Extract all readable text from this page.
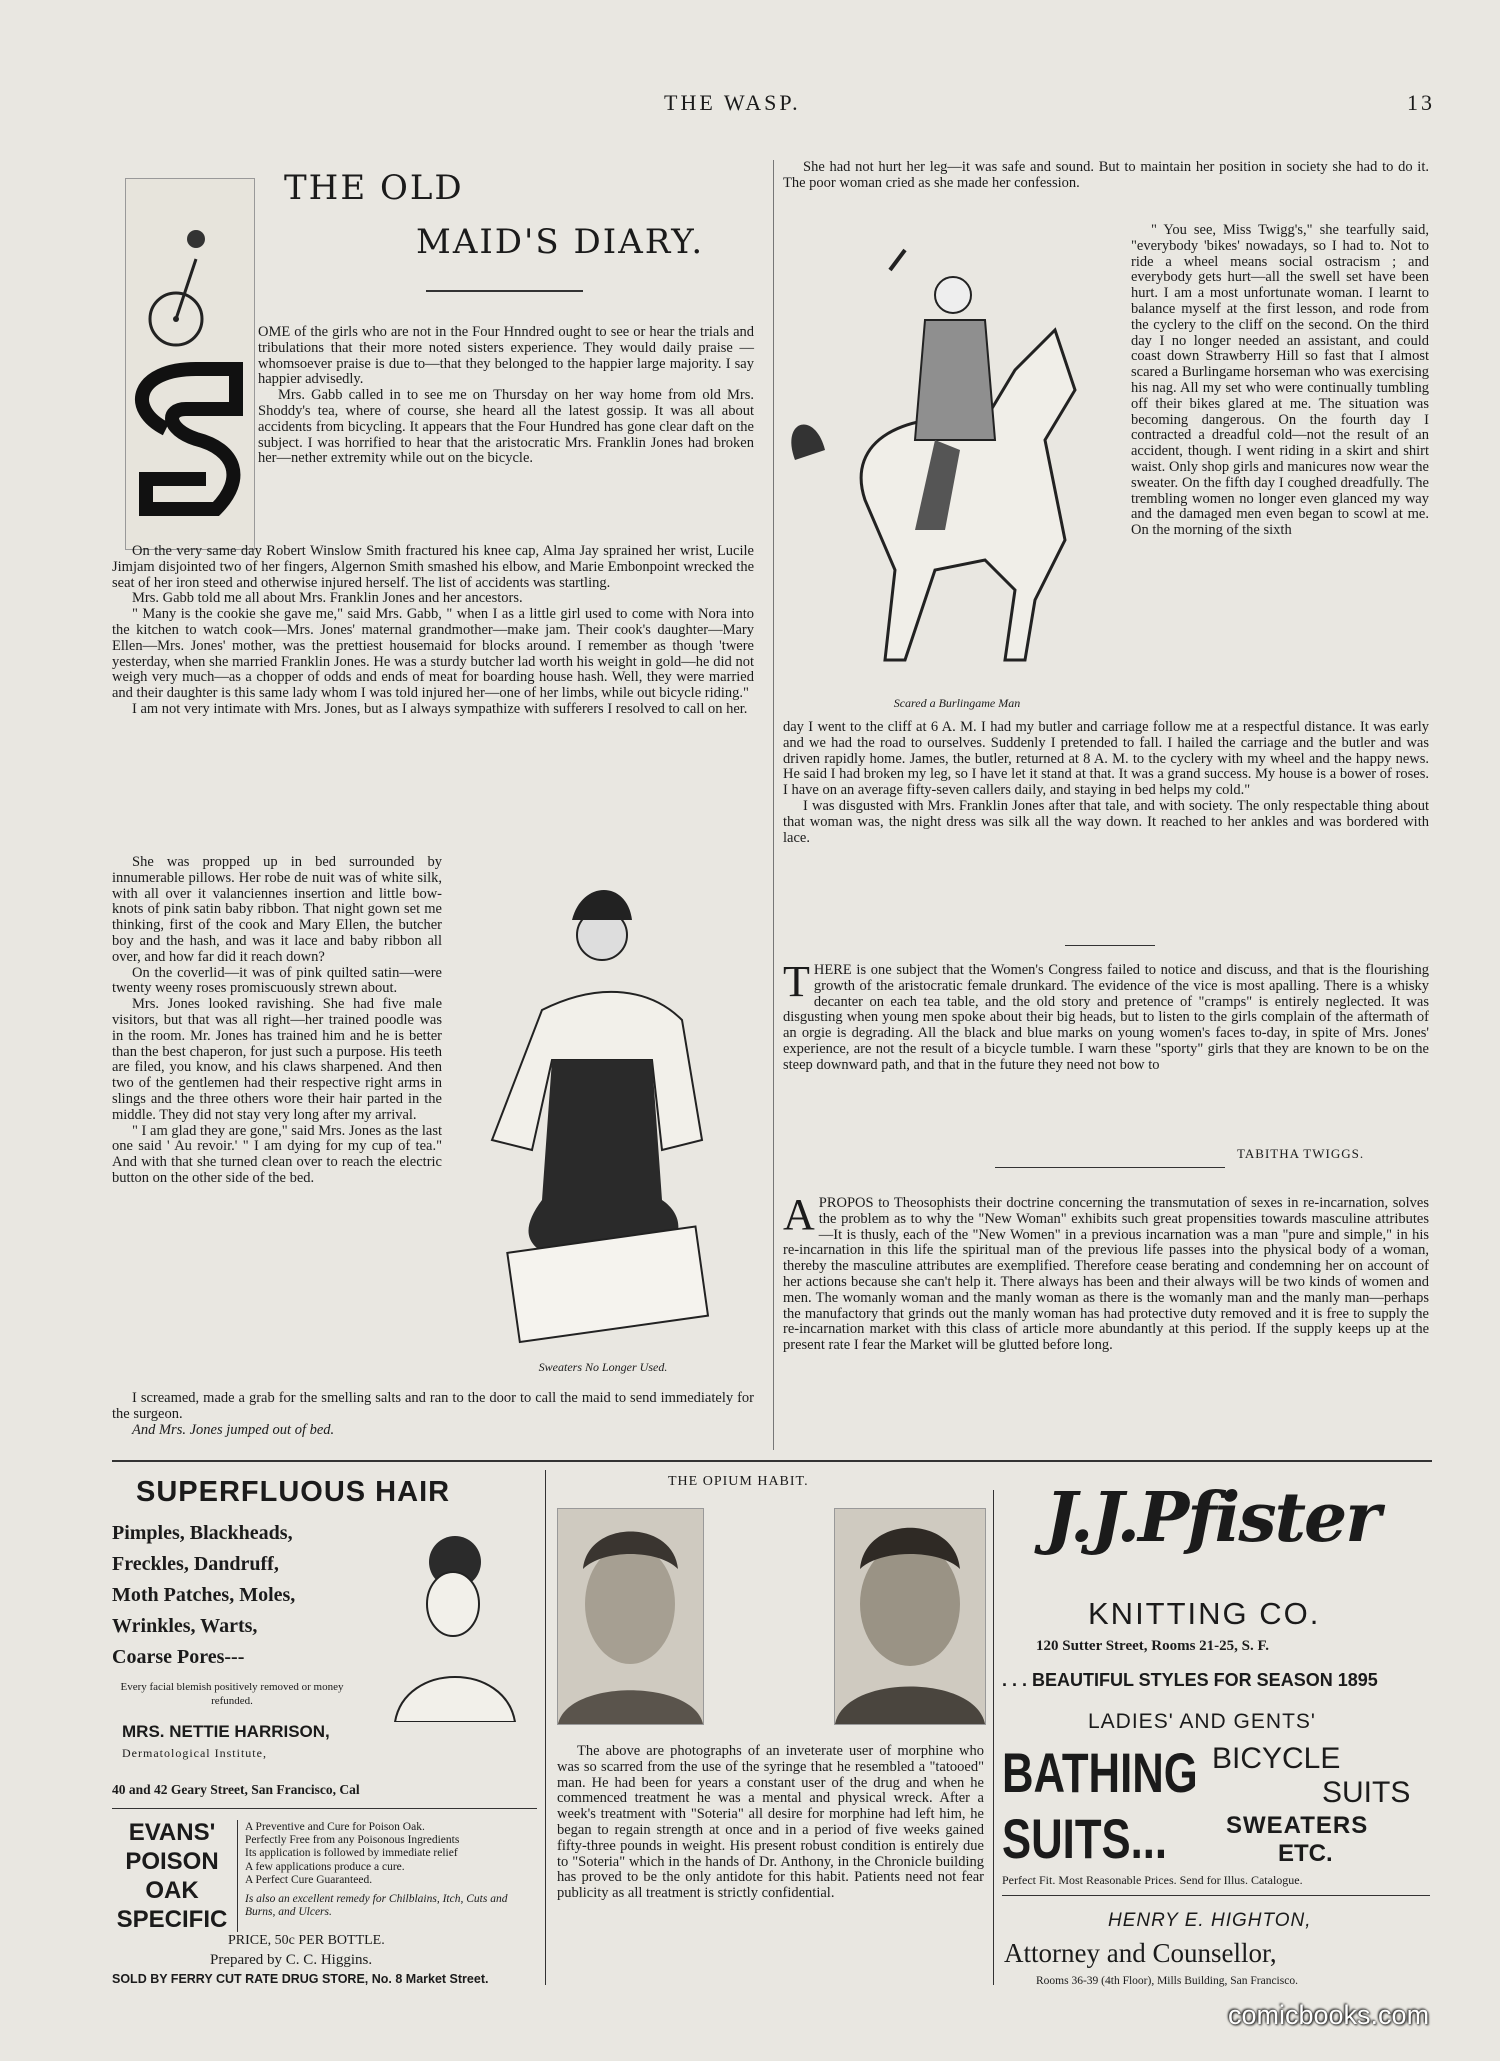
THE WASP.	13
THE OLD
MAID'S DIARY.

OME of the girls who are not in the Four Hnndred ought to see or hear the trials and tribulations that their more noted sisters experience. They would daily praise —whomsoever praise is due to—that they belonged to the happier large majority. I say happier advisedly.

Mrs. Gabb called in to see me on Thursday on her way home from old Mrs. Shoddy's tea, where of course, she heard all the latest gossip. It was all about accidents from bicycling. It appears that the Four Hundred has gone clear daft on the subject. I was horrified to hear that the aristocratic Mrs. Franklin Jones had broken her—nether extremity while out on the bicycle.

On the very same day Robert Winslow Smith fractured his knee cap, Alma Jay sprained her wrist, Lucile Jimjam disjointed two of her fingers, Algernon Smith smashed his elbow, and Marie Embonpoint wrecked the seat of her iron steed and otherwise injured herself. The list of accidents was startling.

Mrs. Gabb told me all about Mrs. Franklin Jones and her ancestors.

" Many is the cookie she gave me," said Mrs. Gabb, " when I as a little girl used to come with Nora into the kitchen to watch cook—Mrs. Jones' maternal grandmother—make jam. Their cook's daughter—Mary Ellen—Mrs. Jones' mother, was the prettiest housemaid for blocks around. I remember as though 'twere yesterday, when she married Franklin Jones. He was a sturdy butcher lad worth his weight in gold—he did not weigh very much—as a chopper of odds and ends of meat for boarding house hash. Well, they were married and their daughter is this same lady whom I was told injured her—one of her limbs, while out bicycle riding."

I am not very intimate with Mrs. Jones, but as I always sympathize with sufferers I resolved to call on her.

She was propped up in bed surrounded by innumerable pillows. Her robe de nuit was of white silk, with all over it valanciennes insertion and little bow-knots of pink satin baby ribbon. That night gown set me thinking, first of the cook and Mary Ellen, the butcher boy and the hash, and was it lace and baby ribbon all over, and how far did it reach down?

On the coverlid—it was of pink quilted satin—were twenty weeny roses promiscuously strewn about.

Mrs. Jones looked ravishing. She had five male visitors, but that was all right—her trained poodle was in the room. Mr. Jones has trained him and he is better than the best chaperon, for just such a purpose. His teeth are filed, you know, and his claws sharpened. And then two of the gentlemen had their respective right arms in slings and the three others wore their hair parted in the middle. They did not stay very long after my arrival.

" I am glad they are gone," said Mrs. Jones as the last one said ' Au revoir.' " I am dying for my cup of tea." And with that she turned clean over to reach the electric button on the other side of the bed.

Sweaters No Longer Used.

I screamed, made a grab for the smelling salts and ran to the door to call the maid to send immediately for the surgeon.

And Mrs. Jones jumped out of bed.

She had not hurt her leg—it was safe and sound. But to maintain her position in society she had to do it. The poor woman cried as she made her confession.

Scared a Burlingame Man

" You see, Miss Twigg's," she tearfully said, "everybody 'bikes' nowadays, so I had to. Not to ride a wheel means social ostracism ; and everybody gets hurt—all the swell set have been hurt. I am a most unfortunate woman. I learnt to balance myself at the first lesson, and rode from the cyclery to the cliff on the second. On the third day I no longer needed an assistant, and could coast down Strawberry Hill so fast that I almost scared a Burlingame horseman who was exercising his nag. All my set who were continually tumbling off their bikes glared at me. The situation was becoming dangerous. On the fourth day I contracted a dreadful cold—not the result of an accident, though. I went riding in a skirt and shirt waist. Only shop girls and manicures now wear the sweater. On the fifth day I coughed dreadfully. The trembling women no longer even glanced my way and the damaged men even began to scowl at me. On the morning of the sixth

day I went to the cliff at 6 A. M. I had my butler and carriage follow me at a respectful distance. It was early and we had the road to ourselves. Suddenly I pretended to fall. I hailed the carriage and the butler and was driven rapidly home. James, the butler, returned at 8 A. M. to the cyclery with my wheel and the happy news. He said I had broken my leg, so I have let it stand at that. It was a grand success. My house is a bower of roses. I have on an average fifty-seven callers daily, and staying in bed helps my cold."

I was disgusted with Mrs. Franklin Jones after that tale, and with society. The only respectable thing about that woman was, the night dress was silk all the way down. It reached to her ankles and was bordered with lace.

THERE is one subject that the Women's Congress failed to notice and discuss, and that is the flourishing growth of the aristocratic female drunkard. The evidence of the vice is most apalling. There is a whisky decanter on each tea table, and the old story and pretence of "cramps" is entirely neglected. It was disgusting when young men spoke about their big heads, but to listen to the girls complain of the aftermath of an orgie is degrading. All the black and blue marks on young women's faces to-day, in spite of Mrs. Jones' experience, are not the result of a bicycle tumble. I warn these "sporty" girls that they are known to be on the steep downward path, and that in the future they need not bow to

TABITHA TWIGGS.

APROPOS to Theosophists their doctrine concerning the transmutation of sexes in re-incarnation, solves the problem as to why the "New Woman" exhibits such great propensities towards masculine attributes—It is thusly, each of the "New Women" in a previous incarnation was a man "pure and simple," in his re-incarnation in this life the spiritual man of the previous life passes into the physical body of a woman, thereby the masculine attributes are exemplified. Therefore cease berating and condemning her on account of her actions because she can't help it. There always has been and their always will be two kinds of women and men. The womanly woman and the manly woman as there is the womanly man and the manly man—perhaps the manufactory that grinds out the manly woman has had protective duty removed and it is free to supply the re-incarnation market with this class of article more abundantly at this period. If the supply keeps up at the present rate I fear the Market will be glutted before long.

SUPERFLUOUS HAIR
Pimples, Blackheads,
Freckles, Dandruff,
Moth Patches, Moles,
Wrinkles, Warts,
Coarse Pores---
Every facial blemish positively removed or money refunded.
MRS. NETTIE HARRISON,
Dermatological Institute,
40 and 42 Geary Street, San Francisco, Cal
EVANS'
POISON
OAK
SPECIFIC
A Preventive and Cure for Poison Oak.
Perfectly Free from any Poisonous Ingredients
Its application is followed by immediate relief
A few applications produce a cure.
A Perfect Cure Guaranteed.
Is also an excellent remedy for Chilblains, Itch, Cuts and Burns, and Ulcers.
PRICE, 50c PER BOTTLE.
Prepared by C. C. Higgins.
SOLD BY FERRY CUT RATE DRUG STORE, No. 8 Market Street.
THE OPIUM HABIT.

The above are photographs of an inveterate user of morphine who was so scarred from the use of the syringe that he resembled a "tatooed" man. He had been for years a constant user of the drug and when he commenced treatment he was a mental and physical wreck. After a week's treatment with "Soteria" all desire for morphine had left him, he began to regain strength at once and in a period of five weeks gained fifty-three pounds in weight. His present robust condition is entirely due to "Soteria" which in the hands of Dr. Anthony, in the Chronicle building has proved to be the only antidote for this habit. Patients need not fear publicity as all treatment is strictly confidential.

J.J.Pfister
KNITTING CO.
120 Sutter Street, Rooms 21-25, S. F.
. . . BEAUTIFUL STYLES FOR SEASON 1895
LADIES' AND GENTS'
BATHING
SUITS...
BICYCLE
SUITS
SWEATERS
ETC.
Perfect Fit. Most Reasonable Prices. Send for Illus. Catalogue.
HENRY E. HIGHTON,
Attorney and Counsellor,
Rooms 36-39 (4th Floor), Mills Building, San Francisco.
comicbooks.com
